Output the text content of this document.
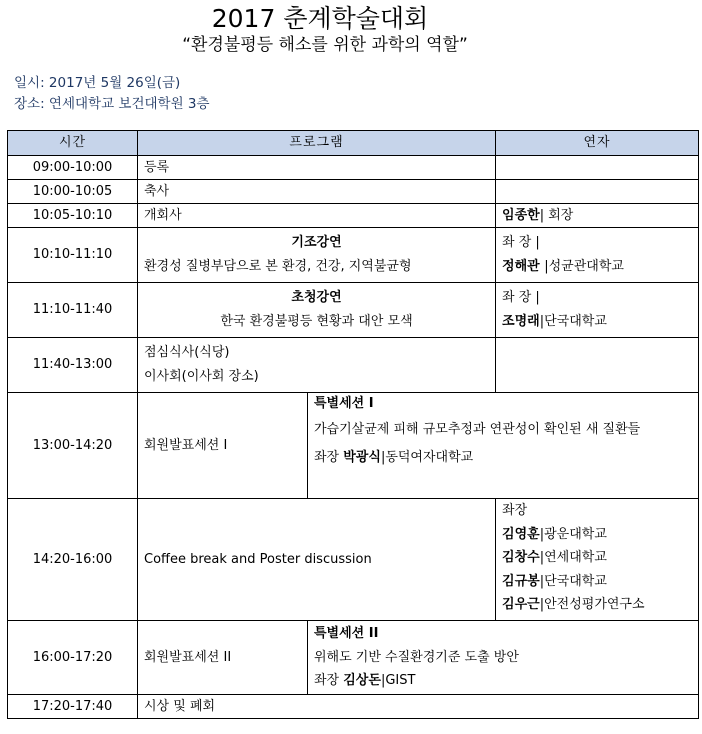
2017 춘계학술대회
“환경불평등 해소를 위한 과학의 역할”
일시: 2017년 5월 26일(금)
장소: 연세대학교 보건대학원 3층
시간	프로그램		연자
09:00-10:00	등록		
10:00-10:05	축사		
10:05-10:10	개회사		임종한| 회장
10:10-11:10	기조강연
환경성 질병부담으로 본 환경, 건강, 지역불균형		좌 장 |
정해관 |성균관대학교

11:10-11:40	초청강연
한국 환경불평등 현황과 대안 모색		좌 장 |
조명래|단국대학교

11:40-13:00	점심식사(식당)
이사회(이사회 장소)		

13:00-14:20	회원발표세션 I	특별세션 I
가습기살균제 피해 규모추정과 연관성이 확인된 새 질환들
좌장 박광식|동덕여자대학교	

14:20-16:00	Coffee break and Poster discussion		좌장
김영훈|광운대학교
김창수|연세대학교
김규봉|단국대학교
김우근|안전성평가연구소

16:00-17:20	회원발표세션 II	특별세션 II
위해도 기반 수질환경기준 도출 방안
좌장 김상돈|GIST	

17:20-17:40	시상 및 폐회		
